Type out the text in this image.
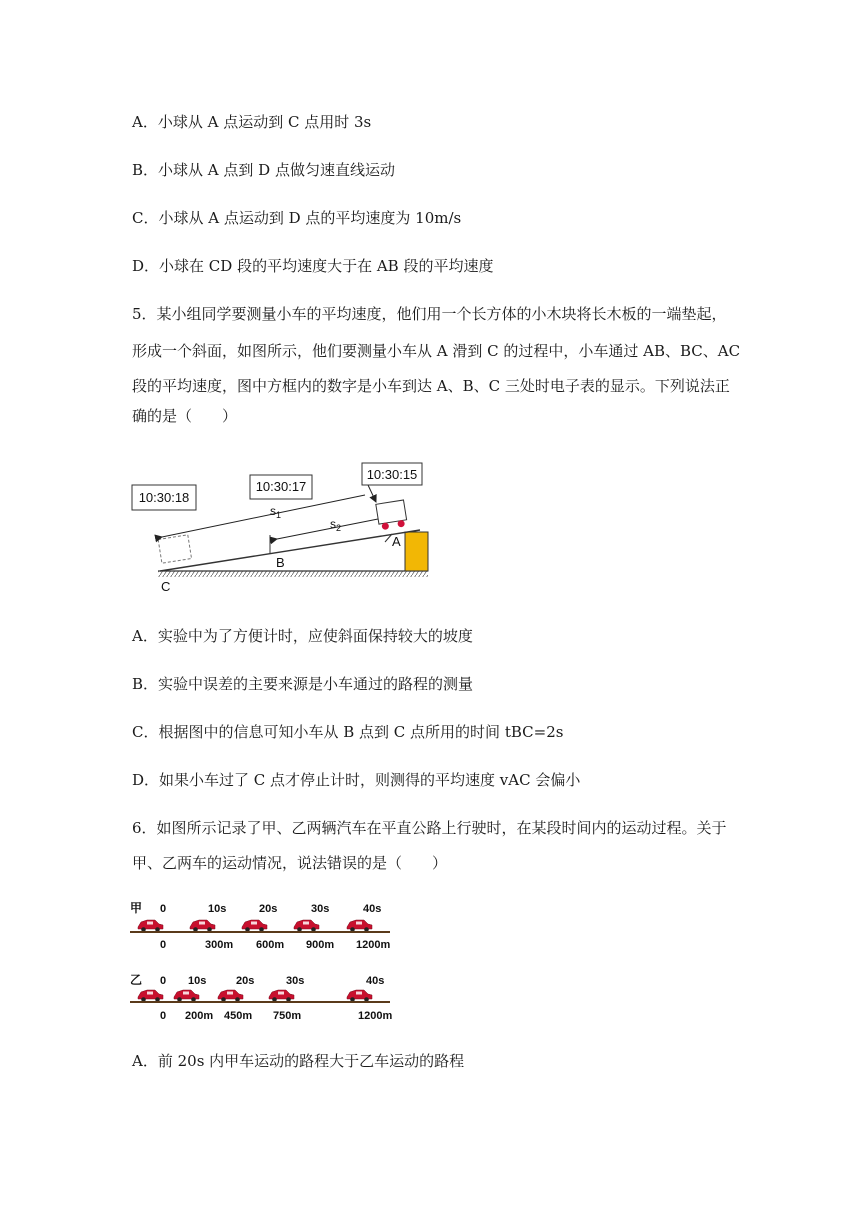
A．小球从 A 点运动到 C 点用时 3s
B．小球从 A 点到 D 点做匀速直线运动
C．小球从 A 点运动到 D 点的平均速度为 10m/s
D．小球在 CD 段的平均速度大于在 AB 段的平均速度
5．某小组同学要测量小车的平均速度，他们用一个长方体的小木块将长木板的一端垫起，
形成一个斜面，如图所示，他们要测量小车从 A 滑到 C 的过程中，小车通过 AB、BC、AC
段的平均速度，图中方框内的数字是小车到达 A、B、C 三处时电子表的显示。下列说法正
确的是（　　）
10:30:18
10:30:17
10:30:15
$s_1$
$s_2$
A
B
C
A．实验中为了方便计时，应使斜面保持较大的坡度
B．实验中误差的主要来源是小车通过的路程的测量
C．根据图中的信息可知小车从 B 点到 C 点所用的时间 tBC=2s
D．如果小车过了 C 点才停止计时，则测得的平均速度 vAC 会偏小
6．如图所示记录了甲、乙两辆汽车在平直公路上行驶时，在某段时间内的运动过程。关于
甲、乙两车的运动情况，说法错误的是（　　）
甲 0	10s	20s	30s	40s
0	300m 600m 900m 1200m
乙 0 10s	20s	30s	40s
0 200m 450m 750m	1200m
A．前 20s 内甲车运动的路程大于乙车运动的路程
